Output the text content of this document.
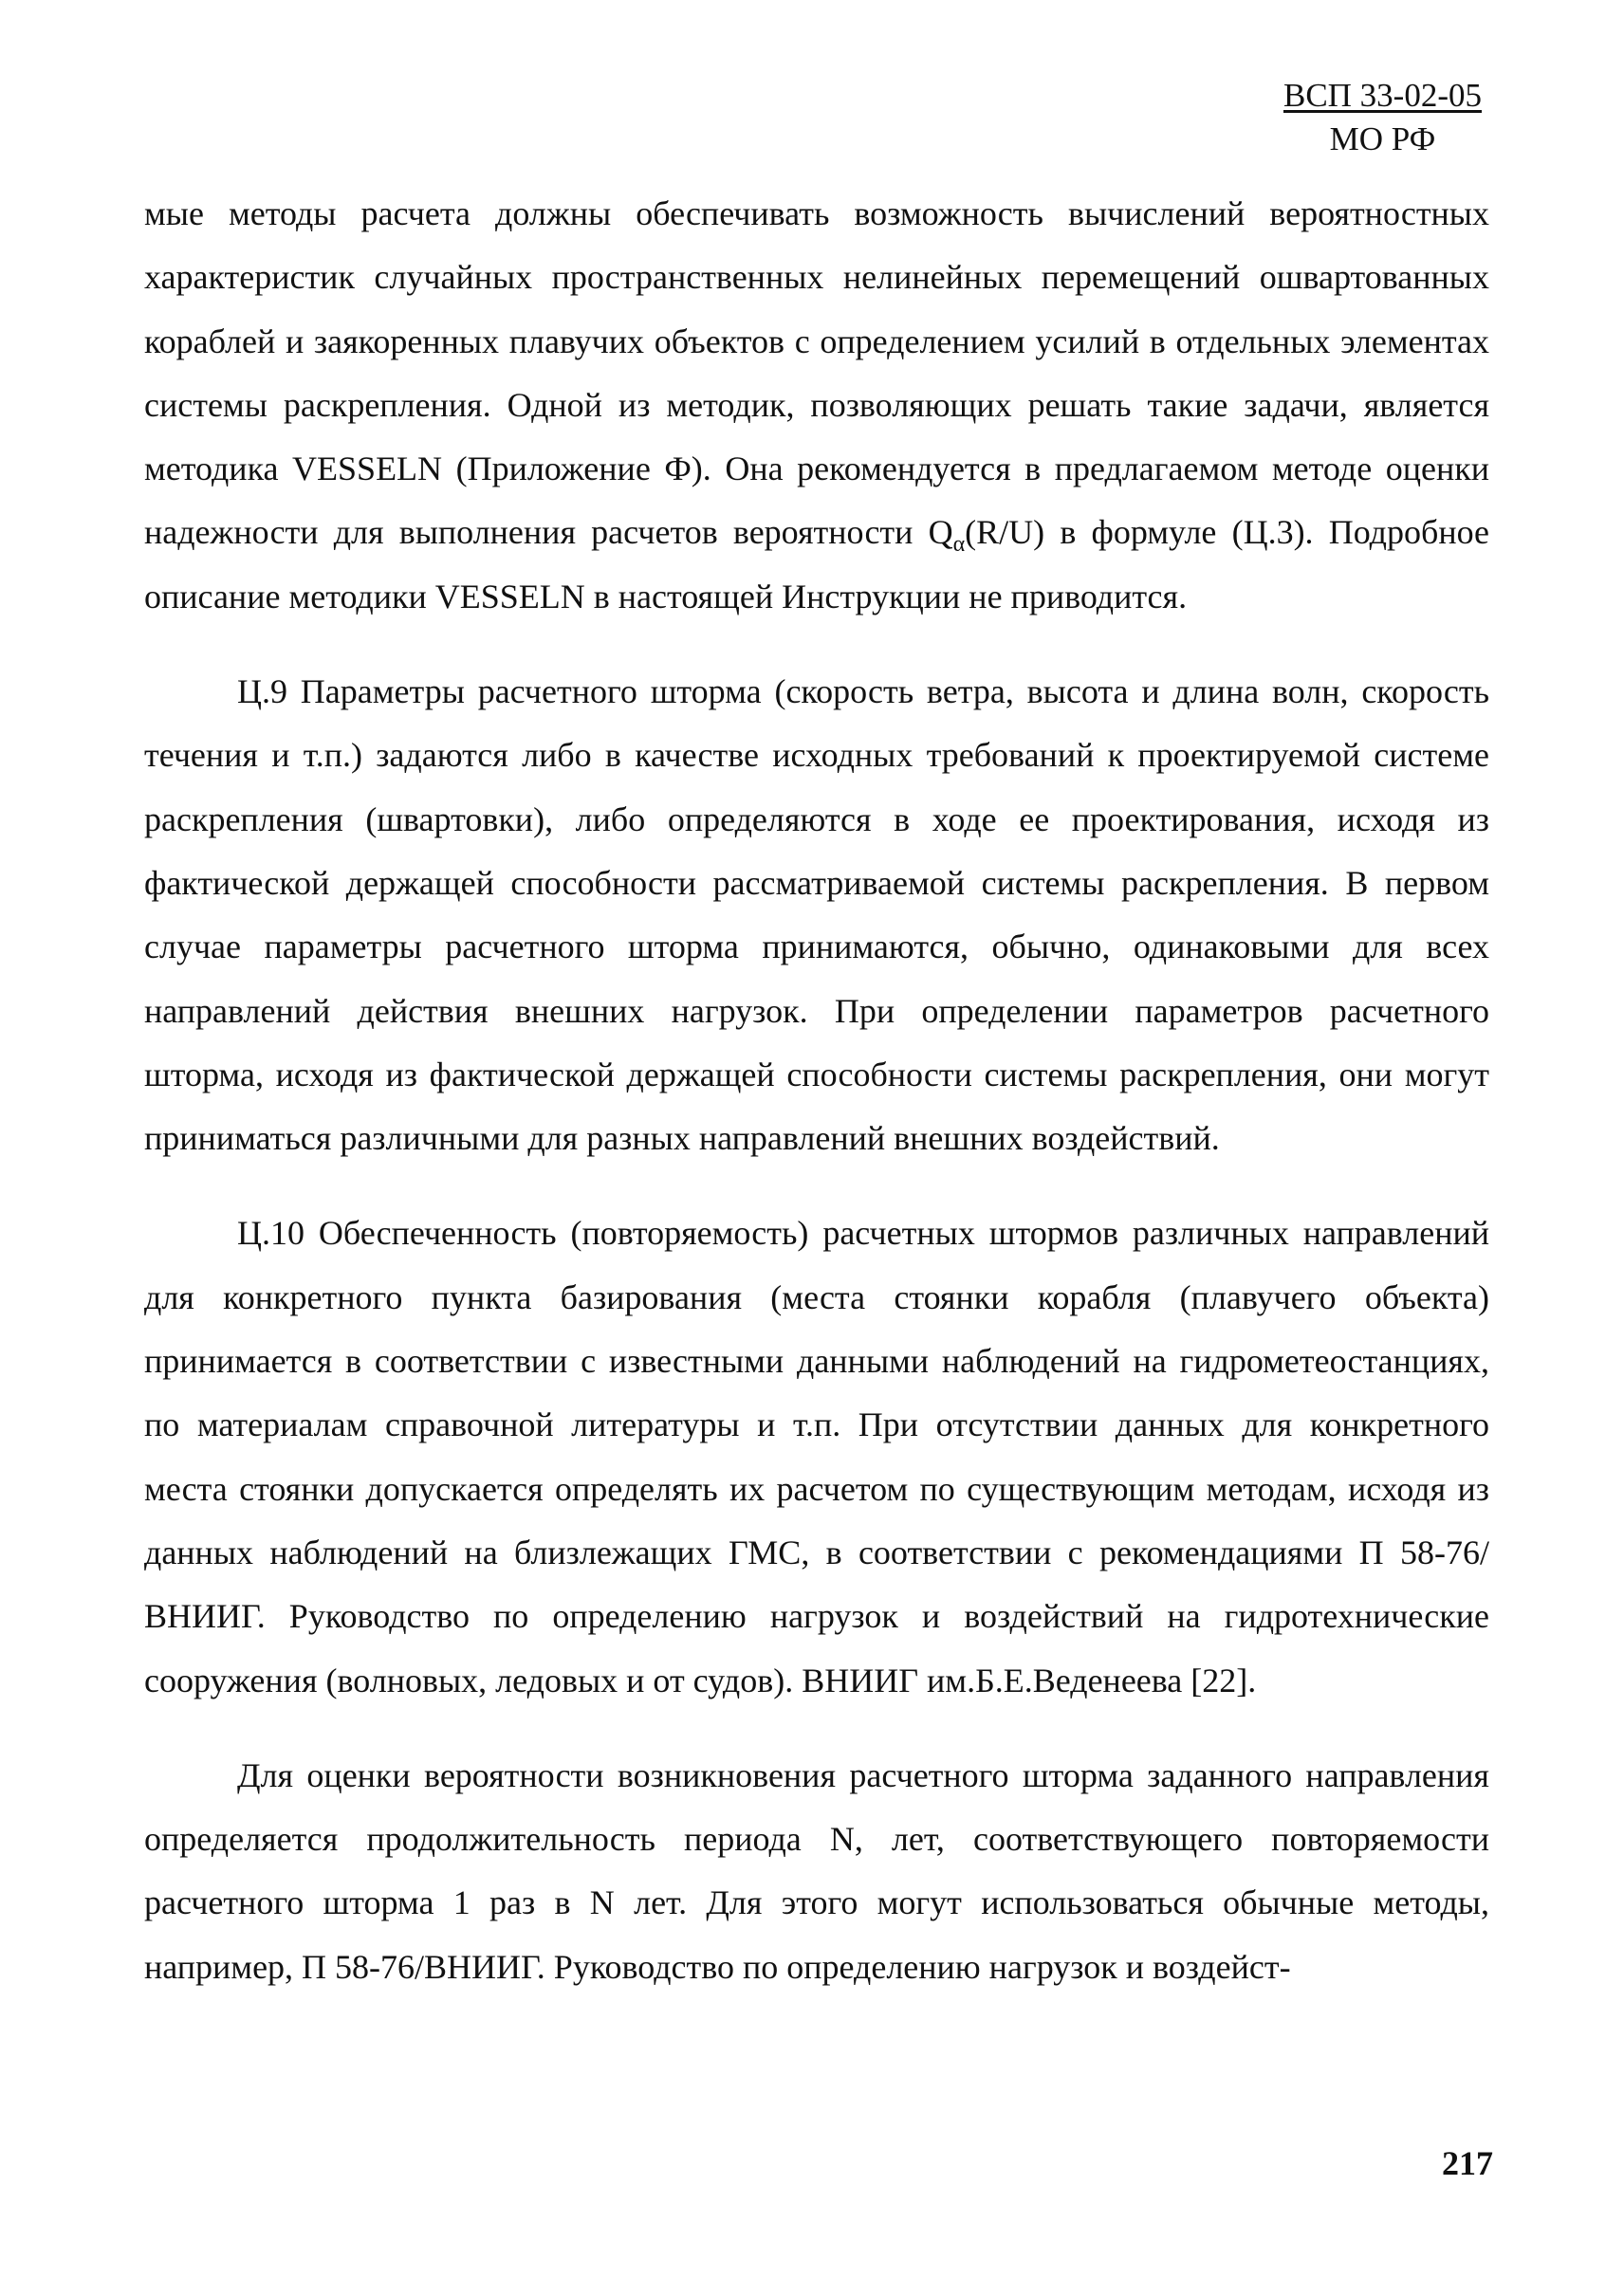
ВСП 33-02-05
МО РФ

мые методы расчета должны обеспечивать возможность вычислений вероятностных характеристик случайных пространственных нелинейных перемещений ошвартованных кораблей и заякоренных плавучих объектов с определением усилий в отдельных элементах системы раскрепления. Одной из методик, позволяющих решать такие задачи, является методика VESSELN (Приложение Ф). Она рекомендуется в предлагаемом методе оценки надежности для выполнения расчетов вероятности $Q_\alpha(R/U)$ в формуле (Ц.3). Подробное описание методики VESSELN в настоящей Инструкции не приводится.

Ц.9 Параметры расчетного шторма (скорость ветра, высота и длина волн, скорость течения и т.п.) задаются либо в качестве исходных требований к проектируемой системе раскрепления (швартовки), либо определяются в ходе ее проектирования, исходя из фактической держащей способности рассматриваемой системы раскрепления. В первом случае параметры расчетного шторма принимаются, обычно, одинаковыми для всех направлений действия внешних нагрузок. При определении параметров расчетного шторма, исходя из фактической держащей способности системы раскрепления, они могут приниматься различными для разных направлений внешних воздействий.

Ц.10 Обеспеченность (повторяемость) расчетных штормов различных направлений для конкретного пункта базирования (места стоянки корабля (плавучего объекта) принимается в соответствии с известными данными наблюдений на гидрометеостанциях, по материалам справочной литературы и т.п. При отсутствии данных для конкретного места стоянки допускается определять их расчетом по существующим методам, исходя из данных наблюдений на близлежащих ГМС, в соответствии с рекомендациями П 58-76/ВНИИГ. Руководство по определению нагрузок и воздействий на гидротехнические сооружения (волновых, ледовых и от судов). ВНИИГ им.Б.Е.Веденеева [22].

Для оценки вероятности возникновения расчетного шторма заданного направления определяется продолжительность периода N, лет, соответствующего повторяемости расчетного шторма 1 раз в N лет. Для этого могут использоваться обычные методы, например, П 58-76/ВНИИГ. Руководство по определению нагрузок и воздейст-

217
